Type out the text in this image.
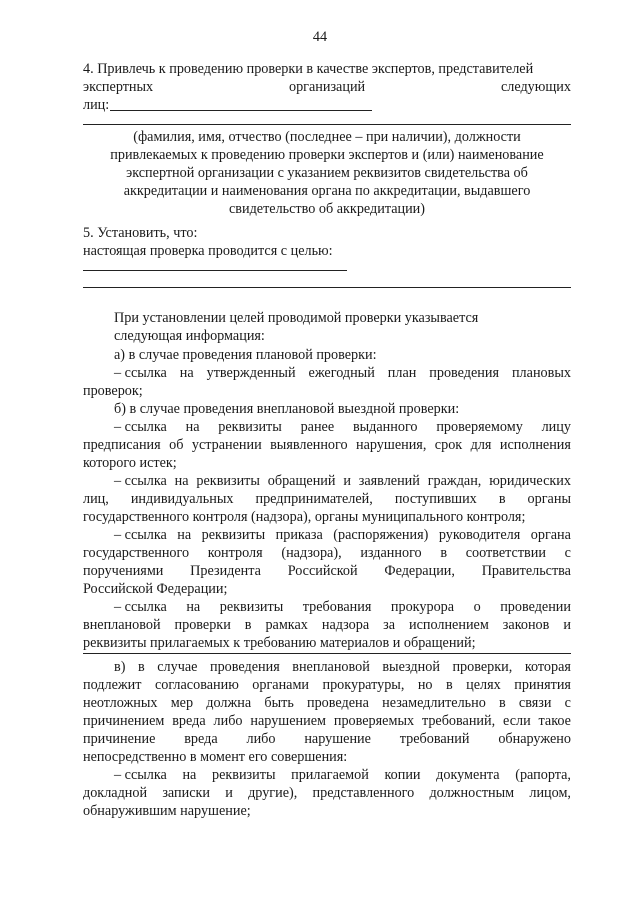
44
4. Привлечь к проведению проверки в качестве экспертов, представителей
экспертных	организаций	следующих
лиц:
(фамилия, имя, отчество (последнее – при наличии), должности
привлекаемых к проведению проверки экспертов и (или) наименование
экспертной организации с указанием реквизитов свидетельства об
аккредитации и наименования органа по аккредитации, выдавшего
свидетельство об аккредитации)
5. Установить, что:
настоящая проверка проводится с целью:
При установлении целей проводимой проверки указывается
следующая информация:
а) в случае проведения плановой проверки:
– ссылка на утвержденный ежегодный план проведения плановых
проверок;
б) в случае проведения внеплановой выездной проверки:
– ссылка на реквизиты ранее выданного проверяемому лицу
предписания об устранении выявленного нарушения, срок для исполнения
которого истек;
– ссылка на реквизиты обращений и заявлений граждан, юридических
лиц, индивидуальных предпринимателей, поступивших в органы
государственного контроля (надзора), органы муниципального контроля;
– ссылка на реквизиты приказа (распоряжения) руководителя органа
государственного контроля (надзора), изданного в соответствии с
поручениями Президента Российской Федерации, Правительства
Российской Федерации;
– ссылка на реквизиты требования прокурора о проведении
внеплановой проверки в рамках надзора за исполнением законов и
реквизиты прилагаемых к требованию материалов и обращений;
в) в случае проведения внеплановой выездной проверки, которая
подлежит согласованию органами прокуратуры, но в целях принятия
неотложных мер должна быть проведена незамедлительно в связи с
причинением вреда либо нарушением проверяемых требований, если такое
причинение вреда либо нарушение требований обнаружено
непосредственно в момент его совершения:
– ссылка на реквизиты прилагаемой копии документа (рапорта,
докладной записки и другие), представленного должностным лицом,
обнаружившим нарушение;
